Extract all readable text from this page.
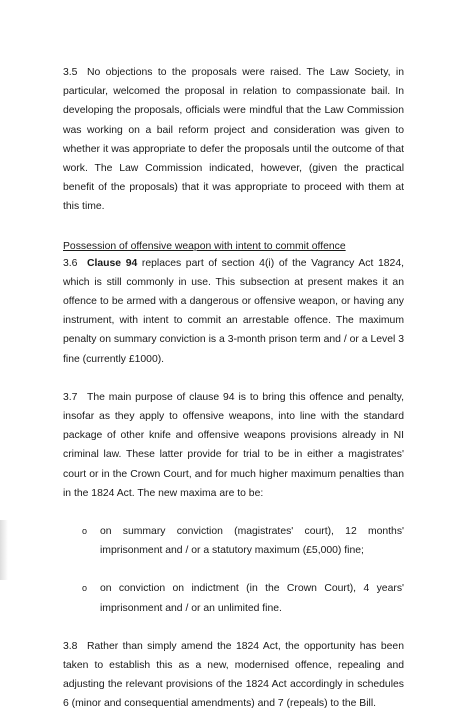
3.5 No objections to the proposals were raised. The Law Society, in particular, welcomed the proposal in relation to compassionate bail. In developing the proposals, officials were mindful that the Law Commission was working on a bail reform project and consideration was given to whether it was appropriate to defer the proposals until the outcome of that work. The Law Commission indicated, however, (given the practical benefit of the proposals) that it was appropriate to proceed with them at this time.

Possession of offensive weapon with intent to commit offence

3.6 Clause 94 replaces part of section 4(i) of the Vagrancy Act 1824, which is still commonly in use. This subsection at present makes it an offence to be armed with a dangerous or offensive weapon, or having any instrument, with intent to commit an arrestable offence. The maximum penalty on summary conviction is a 3-month prison term and / or a Level 3 fine (currently £1000).

3.7 The main purpose of clause 94 is to bring this offence and penalty, insofar as they apply to offensive weapons, into line with the standard package of other knife and offensive weapons provisions already in NI criminal law. These latter provide for trial to be in either a magistrates' court or in the Crown Court, and for much higher maximum penalties than in the 1824 Act. The new maxima are to be:

o on summary conviction (magistrates' court), 12 months' imprisonment and / or a statutory maximum (£5,000) fine;
o on conviction on indictment (in the Crown Court), 4 years' imprisonment and / or an unlimited fine.

3.8 Rather than simply amend the 1824 Act, the opportunity has been taken to establish this as a new, modernised offence, repealing and adjusting the relevant provisions of the 1824 Act accordingly in schedules 6 (minor and consequential amendments) and 7 (repeals) to the Bill.
